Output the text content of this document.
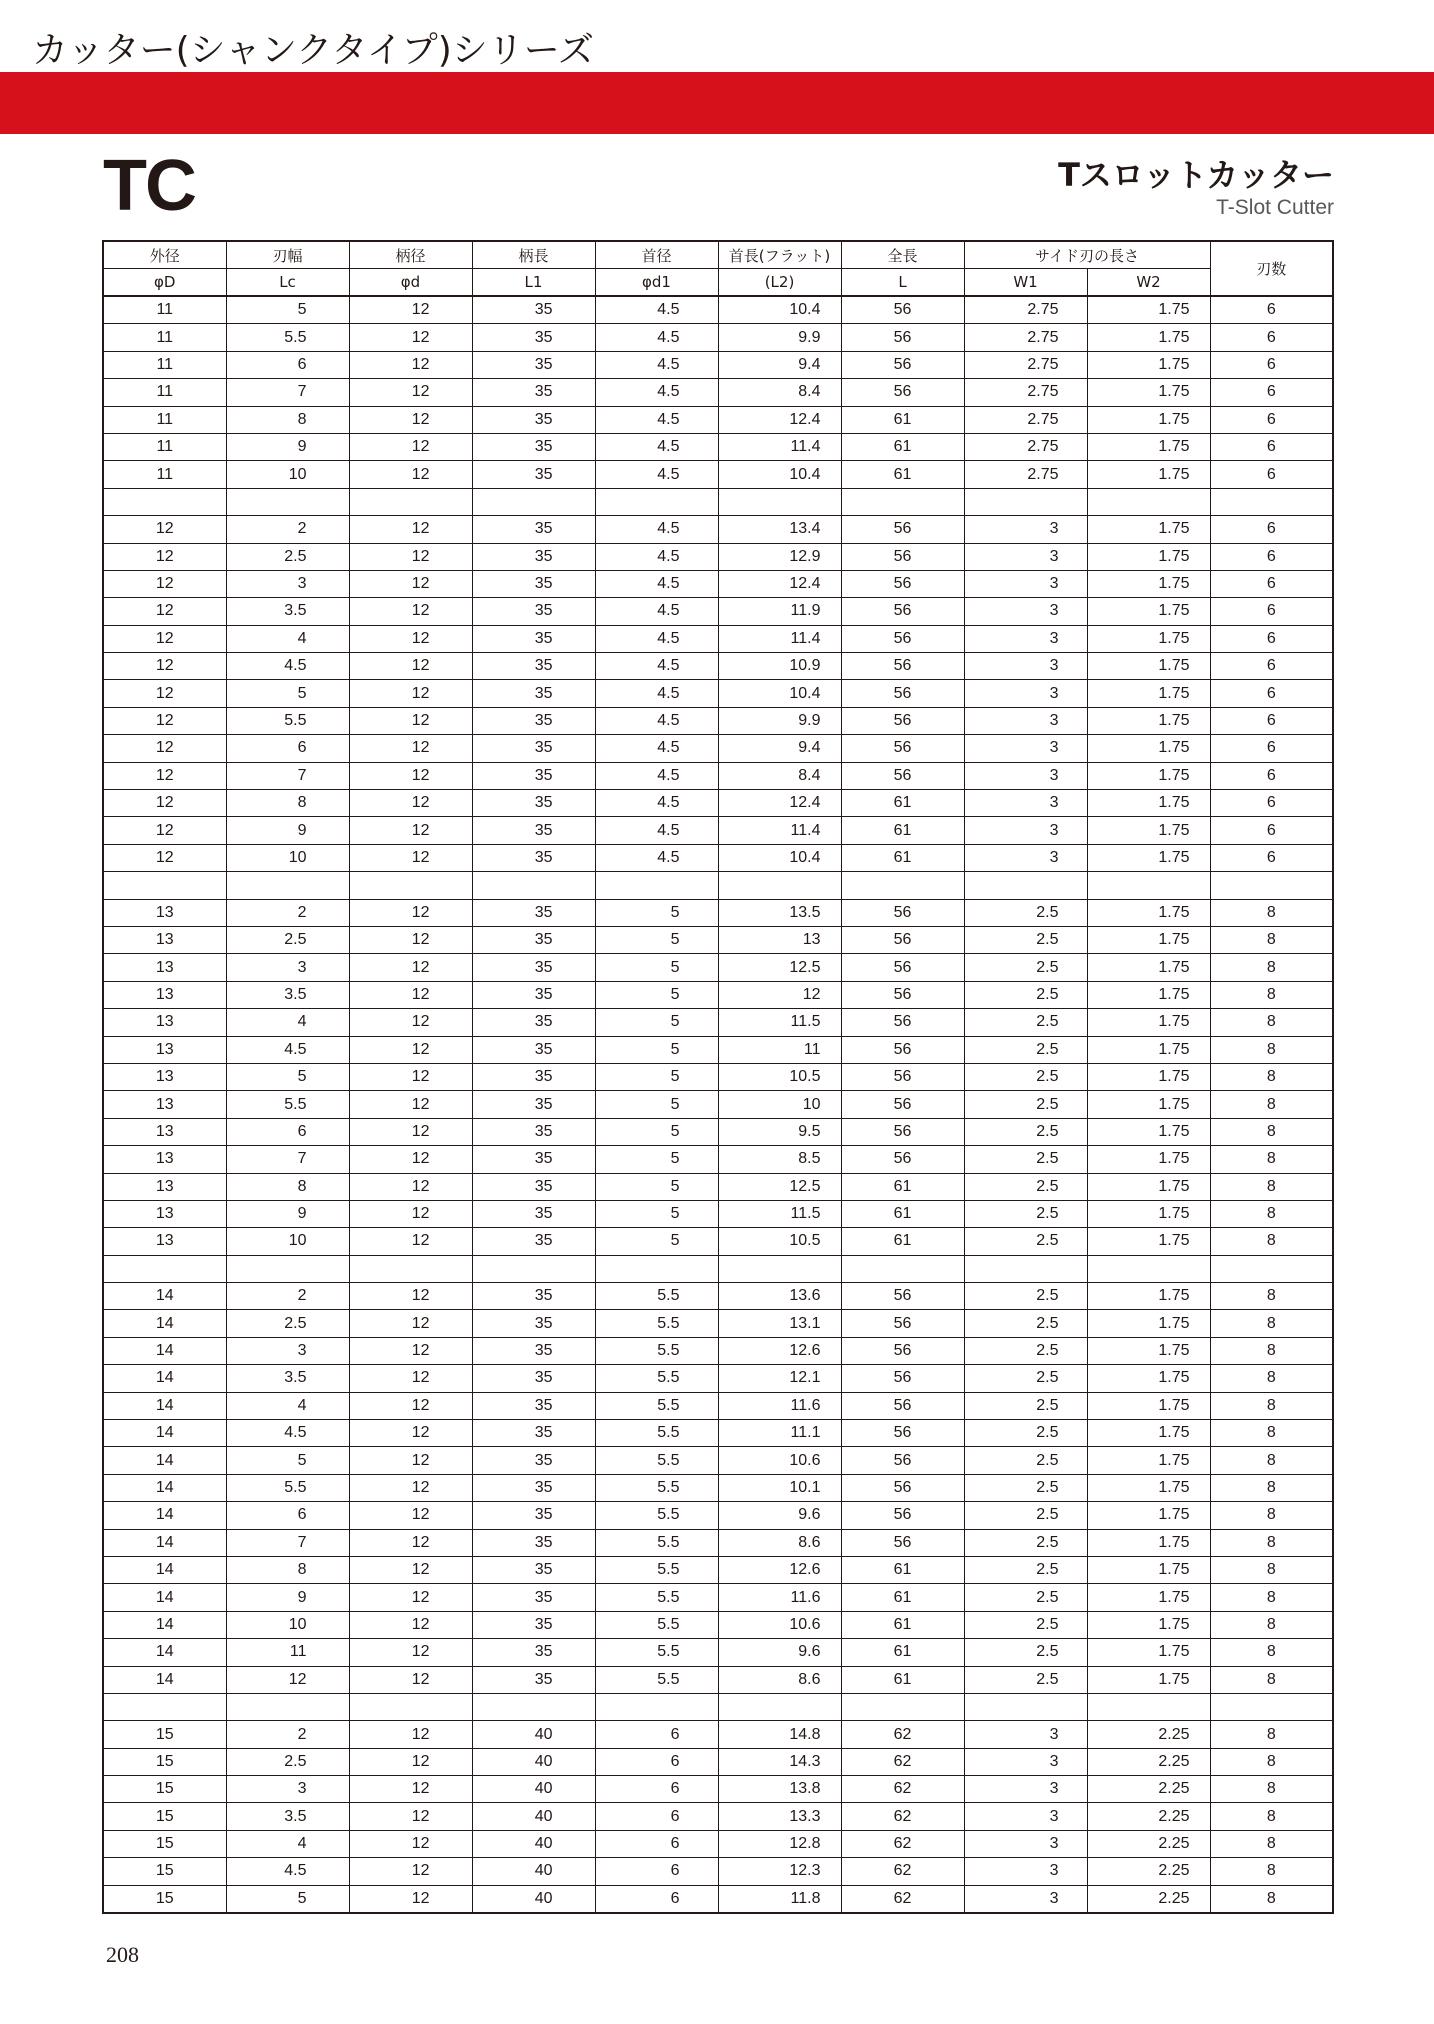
カッター(シャンクタイプ)シリーズ
TC	Tスロットカッター
T-Slot Cutter
外径	刃幅	柄径	柄長	首径	首長(フラット)	全長	サイド刃の長さ		刃数
φD	Lc	φd	L1	φd1	(L2)	L	W1	W2	
11	5	12	35	4.5	10.4	56	2.75	1.75	6
11	5.5	12	35	4.5	9.9	56	2.75	1.75	6
11	6	12	35	4.5	9.4	56	2.75	1.75	6
11	7	12	35	4.5	8.4	56	2.75	1.75	6
11	8	12	35	4.5	12.4	61	2.75	1.75	6
11	9	12	35	4.5	11.4	61	2.75	1.75	6
11	10	12	35	4.5	10.4	61	2.75	1.75	6

12	2	12	35	4.5	13.4	56	3	1.75	6
12	2.5	12	35	4.5	12.9	56	3	1.75	6
12	3	12	35	4.5	12.4	56	3	1.75	6
12	3.5	12	35	4.5	11.9	56	3	1.75	6
12	4	12	35	4.5	11.4	56	3	1.75	6
12	4.5	12	35	4.5	10.9	56	3	1.75	6
12	5	12	35	4.5	10.4	56	3	1.75	6
12	5.5	12	35	4.5	9.9	56	3	1.75	6
12	6	12	35	4.5	9.4	56	3	1.75	6
12	7	12	35	4.5	8.4	56	3	1.75	6
12	8	12	35	4.5	12.4	61	3	1.75	6
12	9	12	35	4.5	11.4	61	3	1.75	6
12	10	12	35	4.5	10.4	61	3	1.75	6

13	2	12	35	5	13.5	56	2.5	1.75	8
13	2.5	12	35	5	13	56	2.5	1.75	8
13	3	12	35	5	12.5	56	2.5	1.75	8
13	3.5	12	35	5	12	56	2.5	1.75	8
13	4	12	35	5	11.5	56	2.5	1.75	8
13	4.5	12	35	5	11	56	2.5	1.75	8
13	5	12	35	5	10.5	56	2.5	1.75	8
13	5.5	12	35	5	10	56	2.5	1.75	8
13	6	12	35	5	9.5	56	2.5	1.75	8
13	7	12	35	5	8.5	56	2.5	1.75	8
13	8	12	35	5	12.5	61	2.5	1.75	8
13	9	12	35	5	11.5	61	2.5	1.75	8
13	10	12	35	5	10.5	61	2.5	1.75	8

14	2	12	35	5.5	13.6	56	2.5	1.75	8
14	2.5	12	35	5.5	13.1	56	2.5	1.75	8
14	3	12	35	5.5	12.6	56	2.5	1.75	8
14	3.5	12	35	5.5	12.1	56	2.5	1.75	8
14	4	12	35	5.5	11.6	56	2.5	1.75	8
14	4.5	12	35	5.5	11.1	56	2.5	1.75	8
14	5	12	35	5.5	10.6	56	2.5	1.75	8
14	5.5	12	35	5.5	10.1	56	2.5	1.75	8
14	6	12	35	5.5	9.6	56	2.5	1.75	8
14	7	12	35	5.5	8.6	56	2.5	1.75	8
14	8	12	35	5.5	12.6	61	2.5	1.75	8
14	9	12	35	5.5	11.6	61	2.5	1.75	8
14	10	12	35	5.5	10.6	61	2.5	1.75	8
14	11	12	35	5.5	9.6	61	2.5	1.75	8
14	12	12	35	5.5	8.6	61	2.5	1.75	8

15	2	12	40	6	14.8	62	3	2.25	8
15	2.5	12	40	6	14.3	62	3	2.25	8
15	3	12	40	6	13.8	62	3	2.25	8
15	3.5	12	40	6	13.3	62	3	2.25	8
15	4	12	40	6	12.8	62	3	2.25	8
15	4.5	12	40	6	12.3	62	3	2.25	8
15	5	12	40	6	11.8	62	3	2.25	8
208
